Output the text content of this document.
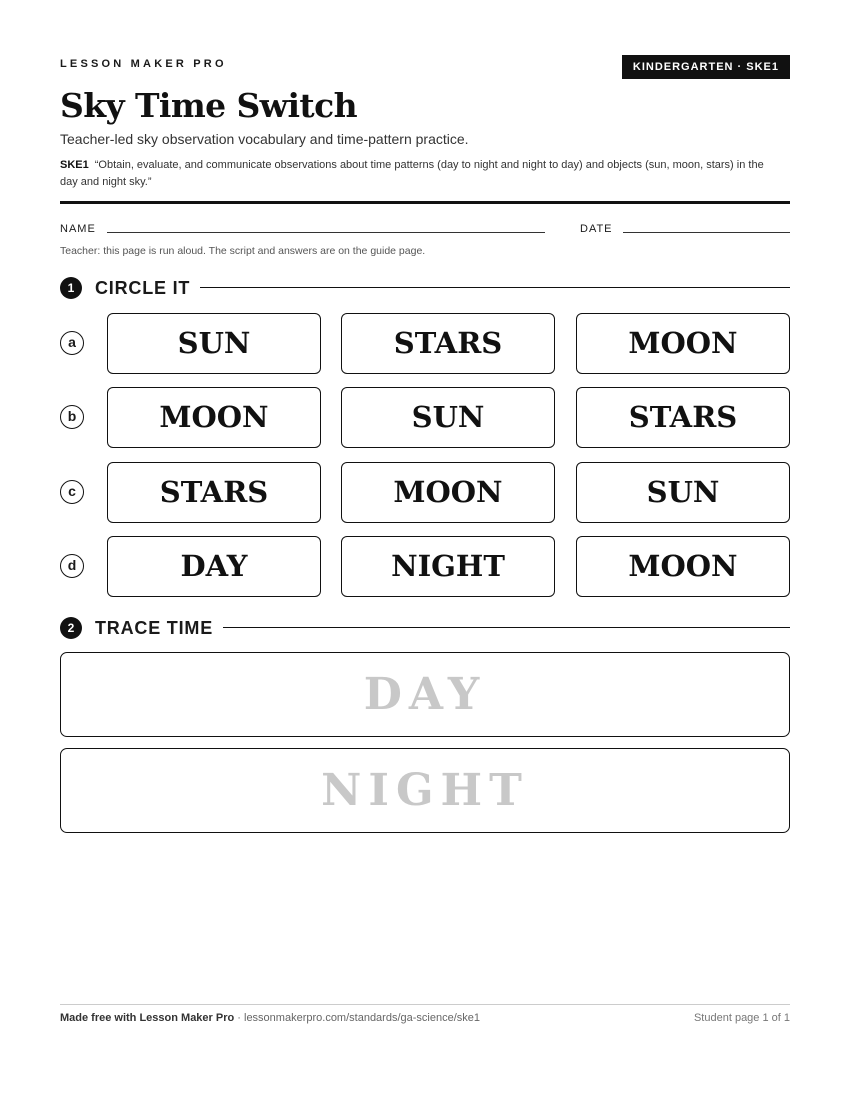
LESSON MAKER PRO	KINDERGARTEN · SKE1
Sky Time Switch
Teacher-led sky observation vocabulary and time-pattern practice.
SKE1 “Obtain, evaluate, and communicate observations about time patterns (day to night and night to day) and objects (sun, moon, stars) in the day and night sky.”
NAME	DATE
Teacher: this page is run aloud. The script and answers are on the guide page.
1	CIRCLE IT
a	SUN	STARS	MOON
b	MOON	SUN	STARS
c	STARS	MOON	SUN
d	DAY	NIGHT	MOON
2	TRACE TIME
DAY
NIGHT
Made free with Lesson Maker Pro · lessonmakerpro.com/standards/ga-science/ske1	Student page 1 of 1
